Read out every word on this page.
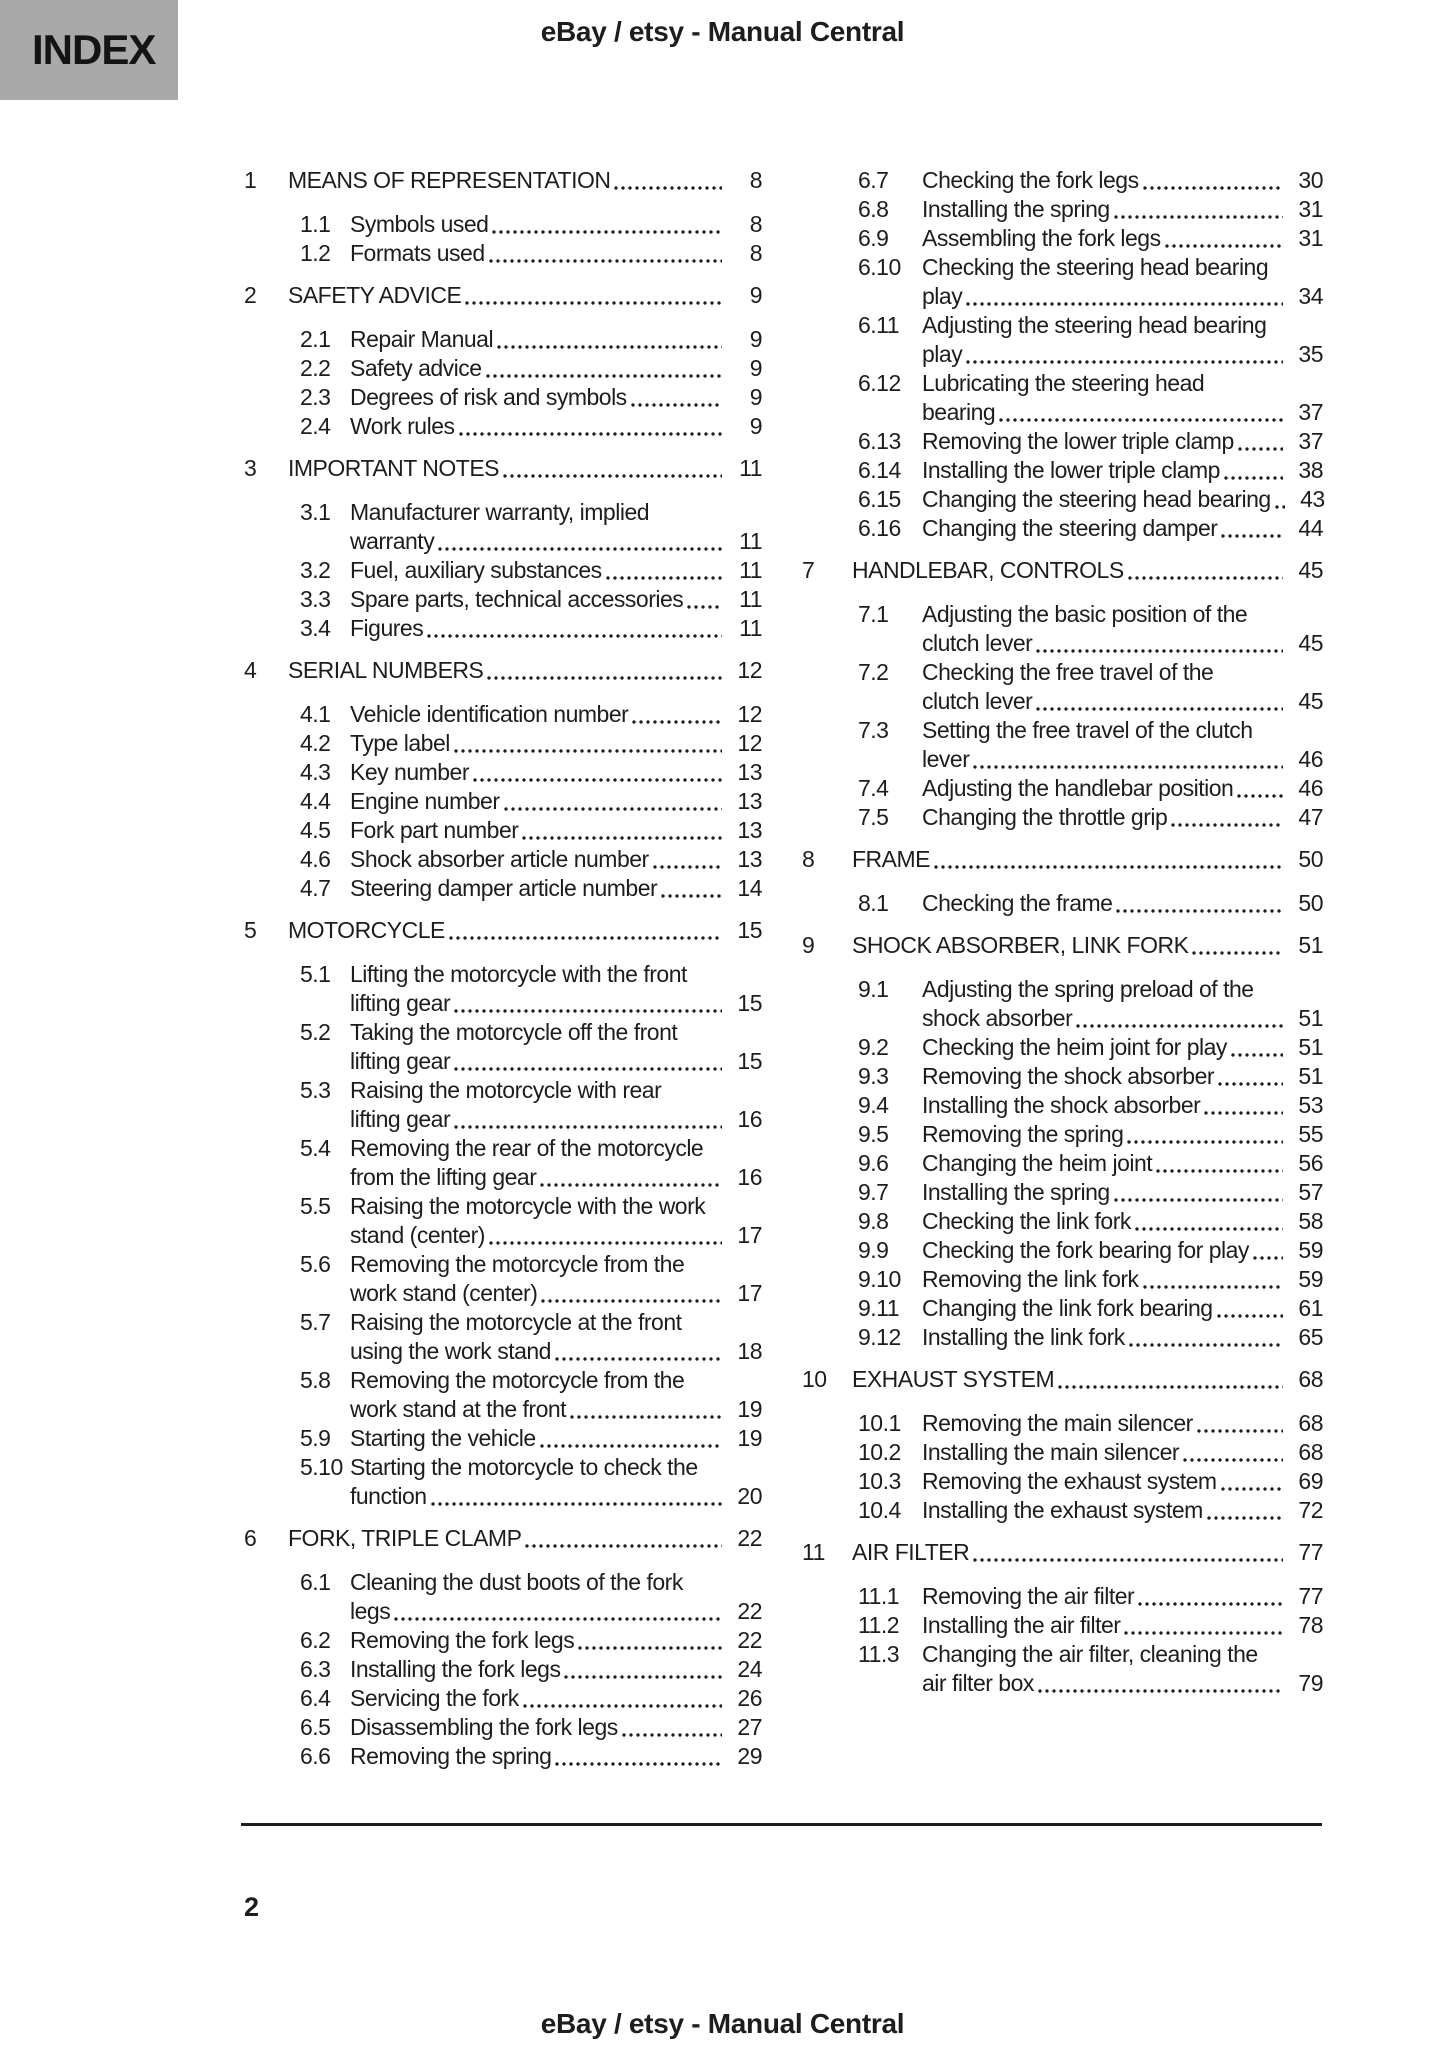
INDEX	eBay / etsy - Manual Central
1	MEANS OF REPRESENTATION	8
1.1 Symbols used	8
1.2 Formats used	8
2	SAFETY ADVICE	9
2.1 Repair Manual	9
2.2 Safety advice	9
2.3 Degrees of risk and symbols	9
2.4 Work rules	9
3	IMPORTANT NOTES	11
3.1 Manufacturer warranty, implied
warranty	11
3.2 Fuel, auxiliary substances	11
3.3 Spare parts, technical accessories	11
3.4 Figures	11
4	SERIAL NUMBERS	12
4.1 Vehicle identification number	12
4.2 Type label	12
4.3 Key number	13
4.4 Engine number	13
4.5 Fork part number	13
4.6 Shock absorber article number	13
4.7 Steering damper article number	14
5	MOTORCYCLE	15
5.1 Lifting the motorcycle with the front
lifting gear	15
5.2 Taking the motorcycle off the front
lifting gear	15
5.3 Raising the motorcycle with rear
lifting gear	16
5.4 Removing the rear of the motorcycle
from the lifting gear	16
5.5 Raising the motorcycle with the work
stand (center)	17
5.6 Removing the motorcycle from the
work stand (center)	17
5.7 Raising the motorcycle at the front
using the work stand	18
5.8 Removing the motorcycle from the
work stand at the front	19
5.9 Starting the vehicle	19
5.10 Starting the motorcycle to check the
function	20
6	FORK, TRIPLE CLAMP	22
6.1 Cleaning the dust boots of the fork
legs	22
6.2 Removing the fork legs	22
6.3 Installing the fork legs	24
6.4 Servicing the fork	26
6.5 Disassembling the fork legs	27
6.6 Removing the spring	29
6.7	Checking the fork legs	30
6.8	Installing the spring	31
6.9	Assembling the fork legs	31
6.10 Checking the steering head bearing
play	34
6.11 Adjusting the steering head bearing
play	35
6.12 Lubricating the steering head
bearing	37
6.13 Removing the lower triple clamp	37
6.14 Installing the lower triple clamp	38
6.15 Changing the steering head bearing	43
6.16 Changing the steering damper	44
7	HANDLEBAR, CONTROLS	45
7.1	Adjusting the basic position of the
clutch lever	45
7.2	Checking the free travel of the
clutch lever	45
7.3	Setting the free travel of the clutch
lever	46
7.4	Adjusting the handlebar position	46
7.5	Changing the throttle grip	47
8	FRAME	50
8.1	Checking the frame	50
9	SHOCK ABSORBER, LINK FORK	51
9.1	Adjusting the spring preload of the
shock absorber	51
9.2	Checking the heim joint for play	51
9.3	Removing the shock absorber	51
9.4	Installing the shock absorber	53
9.5	Removing the spring	55
9.6	Changing the heim joint	56
9.7	Installing the spring	57
9.8	Checking the link fork	58
9.9	Checking the fork bearing for play	59
9.10 Removing the link fork	59
9.11 Changing the link fork bearing	61
9.12 Installing the link fork	65
10	EXHAUST SYSTEM	68
10.1 Removing the main silencer	68
10.2 Installing the main silencer	68
10.3 Removing the exhaust system	69
10.4 Installing the exhaust system	72
11	AIR FILTER	77
11.1 Removing the air filter	77
11.2 Installing the air filter	78
11.3 Changing the air filter, cleaning the
air filter box	79
2
eBay / etsy - Manual Central
